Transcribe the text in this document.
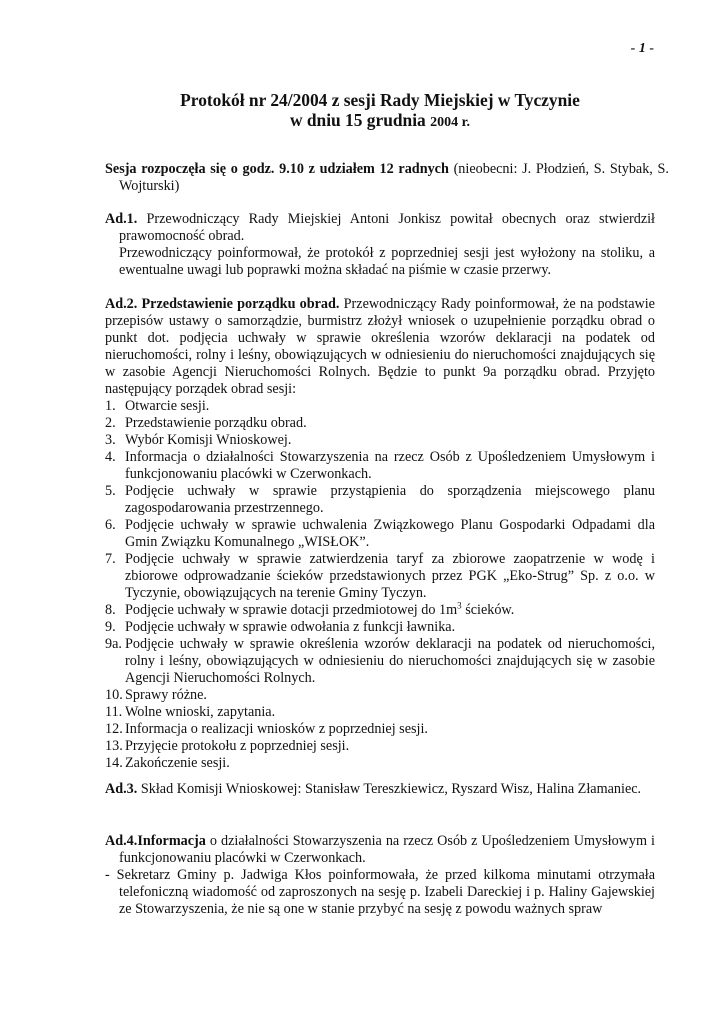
- 1 -
Protokół nr 24/2004 z sesji Rady Miejskiej w Tyczynie
w dniu 15 grudnia 2004 r.

Sesja rozpoczęła się o godz. 9.10 z udziałem 12 radnych (nieobecni: J. Płodzień, S. Stybak, S. Wojturski)

Ad.1. Przewodniczący Rady Miejskiej Antoni Jonkisz powitał obecnych oraz stwierdził prawomocność obrad.

Przewodniczący poinformował, że protokół z poprzedniej sesji jest wyłożony na stoliku, a ewentualne uwagi lub poprawki można składać na piśmie w czasie przerwy.

Ad.2. Przedstawienie porządku obrad. Przewodniczący Rady poinformował, że na podstawie przepisów ustawy o samorządzie, burmistrz złożył wniosek o uzupełnienie porządku obrad o punkt dot. podjęcia uchwały w sprawie określenia wzorów deklaracji na podatek od nieruchomości, rolny i leśny, obowiązujących w odniesieniu do nieruchomości znajdujących się w zasobie Agencji Nieruchomości Rolnych. Będzie to punkt 9a porządku obrad. Przyjęto następujący porządek obrad sesji:

1. Otwarcie sesji.
2. Przedstawienie porządku obrad.
3. Wybór Komisji Wnioskowej.
4. Informacja o działalności Stowarzyszenia na rzecz Osób z Upośledzeniem Umysłowym i funkcjonowaniu placówki w Czerwonkach.
5. Podjęcie uchwały w sprawie przystąpienia do sporządzenia miejscowego planu zagospodarowania przestrzennego.
6. Podjęcie uchwały w sprawie uchwalenia Związkowego Planu Gospodarki Odpadami dla Gmin Związku Komunalnego „WISŁOK”.
7. Podjęcie uchwały w sprawie zatwierdzenia taryf za zbiorowe zaopatrzenie w wodę i zbiorowe odprowadzanie ścieków przedstawionych przez PGK „Eko-Strug” Sp. z o.o. w Tyczynie, obowiązujących na terenie Gminy Tyczyn.
8. Podjęcie uchwały w sprawie dotacji przedmiotowej do $1m^3$ ścieków.
9. Podjęcie uchwały w sprawie odwołania z funkcji ławnika.
9a. Podjęcie uchwały w sprawie określenia wzorów deklaracji na podatek od nieruchomości, rolny i leśny, obowiązujących w odniesieniu do nieruchomości znajdujących się w zasobie Agencji Nieruchomości Rolnych.
10. Sprawy różne.
11. Wolne wnioski, zapytania.
12. Informacja o realizacji wniosków z poprzedniej sesji.
13. Przyjęcie protokołu z poprzedniej sesji.
14. Zakończenie sesji.

Ad.3. Skład Komisji Wnioskowej: Stanisław Tereszkiewicz, Ryszard Wisz, Halina Złamaniec.

Ad.4.Informacja o działalności Stowarzyszenia na rzecz Osób z Upośledzeniem Umysłowym i funkcjonowaniu placówki w Czerwonkach.

- Sekretarz Gminy p. Jadwiga Kłos poinformowała, że przed kilkoma minutami otrzymała telefoniczną wiadomość od zaproszonych na sesję p. Izabeli Dareckiej i p. Haliny Gajewskiej ze Stowarzyszenia, że nie są one w stanie przybyć na sesję z powodu ważnych spraw
